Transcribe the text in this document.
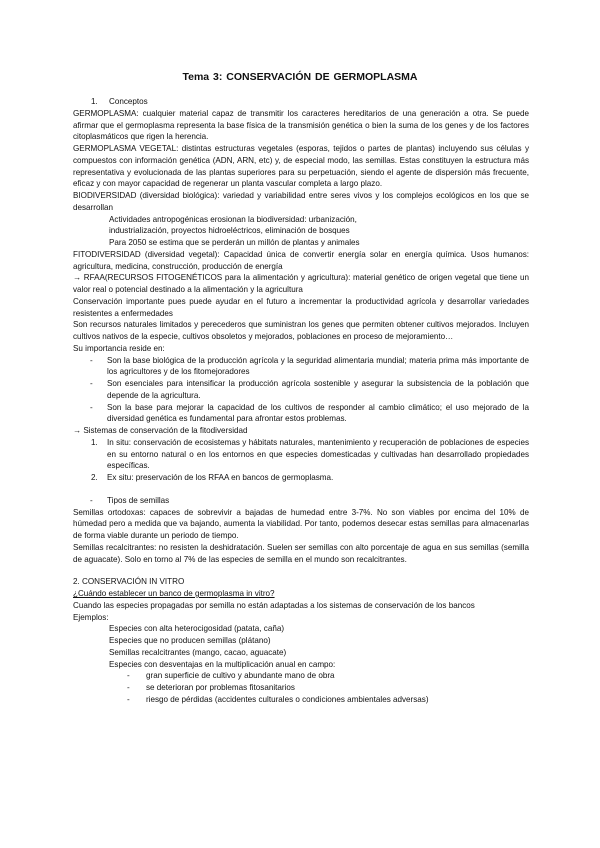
Tema 3: CONSERVACIÓN DE GERMOPLASMA

1. Conceptos

GERMOPLASMA: cualquier material capaz de transmitir los caracteres hereditarios de una generación a otra. Se puede afirmar que el germoplasma representa la base física de la transmisión genética o bien la suma de los genes y de los factores citoplasmáticos que rigen la herencia.

GERMOPLASMA VEGETAL: distintas estructuras vegetales (esporas, tejidos o partes de plantas) incluyendo sus células y compuestos con información genética (ADN, ARN, etc) y, de especial modo, las semillas. Estas constituyen la estructura más representativa y evolucionada de las plantas superiores para su perpetuación, siendo el agente de dispersión más frecuente, eficaz y con mayor capacidad de regenerar un planta vascular completa a largo plazo.

BIODIVERSIDAD (diversidad biológica): variedad y variabilidad entre seres vivos y los complejos ecológicos en los que se desarrollan

Actividades antropogénicas erosionan la biodiversidad: urbanización,

industrialización, proyectos hidroeléctricos, eliminación de bosques

Para 2050 se estima que se perderán un millón de plantas y animales

FITODIVERSIDAD (diversidad vegetal): Capacidad única de convertir energía solar en energía química. Usos humanos: agricultura, medicina, construcción, producción de energía

→ RFAA(RECURSOS FITOGENÉTICOS para la alimentación y agricultura): material genético de origen vegetal que tiene un valor real o potencial destinado a la alimentación y la agricultura

Conservación importante pues puede ayudar en el futuro a incrementar la productividad agrícola y desarrollar variedades resistentes a enfermedades

Son recursos naturales limitados y perecederos que suministran los genes que permiten obtener cultivos mejorados. Incluyen cultivos nativos de la especie, cultivos obsoletos y mejorados, poblaciones en proceso de mejoramiento…

Su importancia reside en:

- Son la base biológica de la producción agrícola y la seguridad alimentaria mundial; materia prima más importante de los agricultores y de los fitomejoradores

- Son esenciales para intensificar la producción agrícola sostenible y asegurar la subsistencia de la población que depende de la agricultura.

- Son la base para mejorar la capacidad de los cultivos de responder al cambio climático; el uso mejorado de la diversidad genética es fundamental para afrontar estos problemas.

→ Sistemas de conservación de la fitodiversidad

1. In situ: conservación de ecosistemas y hábitats naturales, mantenimiento y recuperación de poblaciones de especies en su entorno natural o en los entornos en que especies domesticadas y cultivadas han desarrollado propiedades específicas.

2. Ex situ: preservación de los RFAA en bancos de germoplasma.

- Tipos de semillas

Semillas ortodoxas: capaces de sobrevivir a bajadas de humedad entre 3-7%. No son viables por encima del 10% de húmedad pero a medida que va bajando, aumenta la viabilidad. Por tanto, podemos desecar estas semillas para almacenarlas de forma viable durante un periodo de tiempo.

Semillas recalcitrantes: no resisten la deshidratación. Suelen ser semillas con alto porcentaje de agua en sus semillas (semilla de aguacate). Solo en torno al 7% de las especies de semilla en el mundo son recalcitrantes.

2. CONSERVACIÓN IN VITRO

¿Cuándo establecer un banco de germoplasma in vitro?

Cuando las especies propagadas por semilla no están adaptadas a los sistemas de conservación de los bancos

Ejemplos:

Especies con alta heterocigosidad (patata, caña)

Especies que no producen semillas (plátano)

Semillas recalcitrantes (mango, cacao, aguacate)

Especies con desventajas en la multiplicación anual en campo:

- gran superficie de cultivo y abundante mano de obra

- se deterioran por problemas fitosanitarios

- riesgo de pérdidas (accidentes culturales o condiciones ambientales adversas)
